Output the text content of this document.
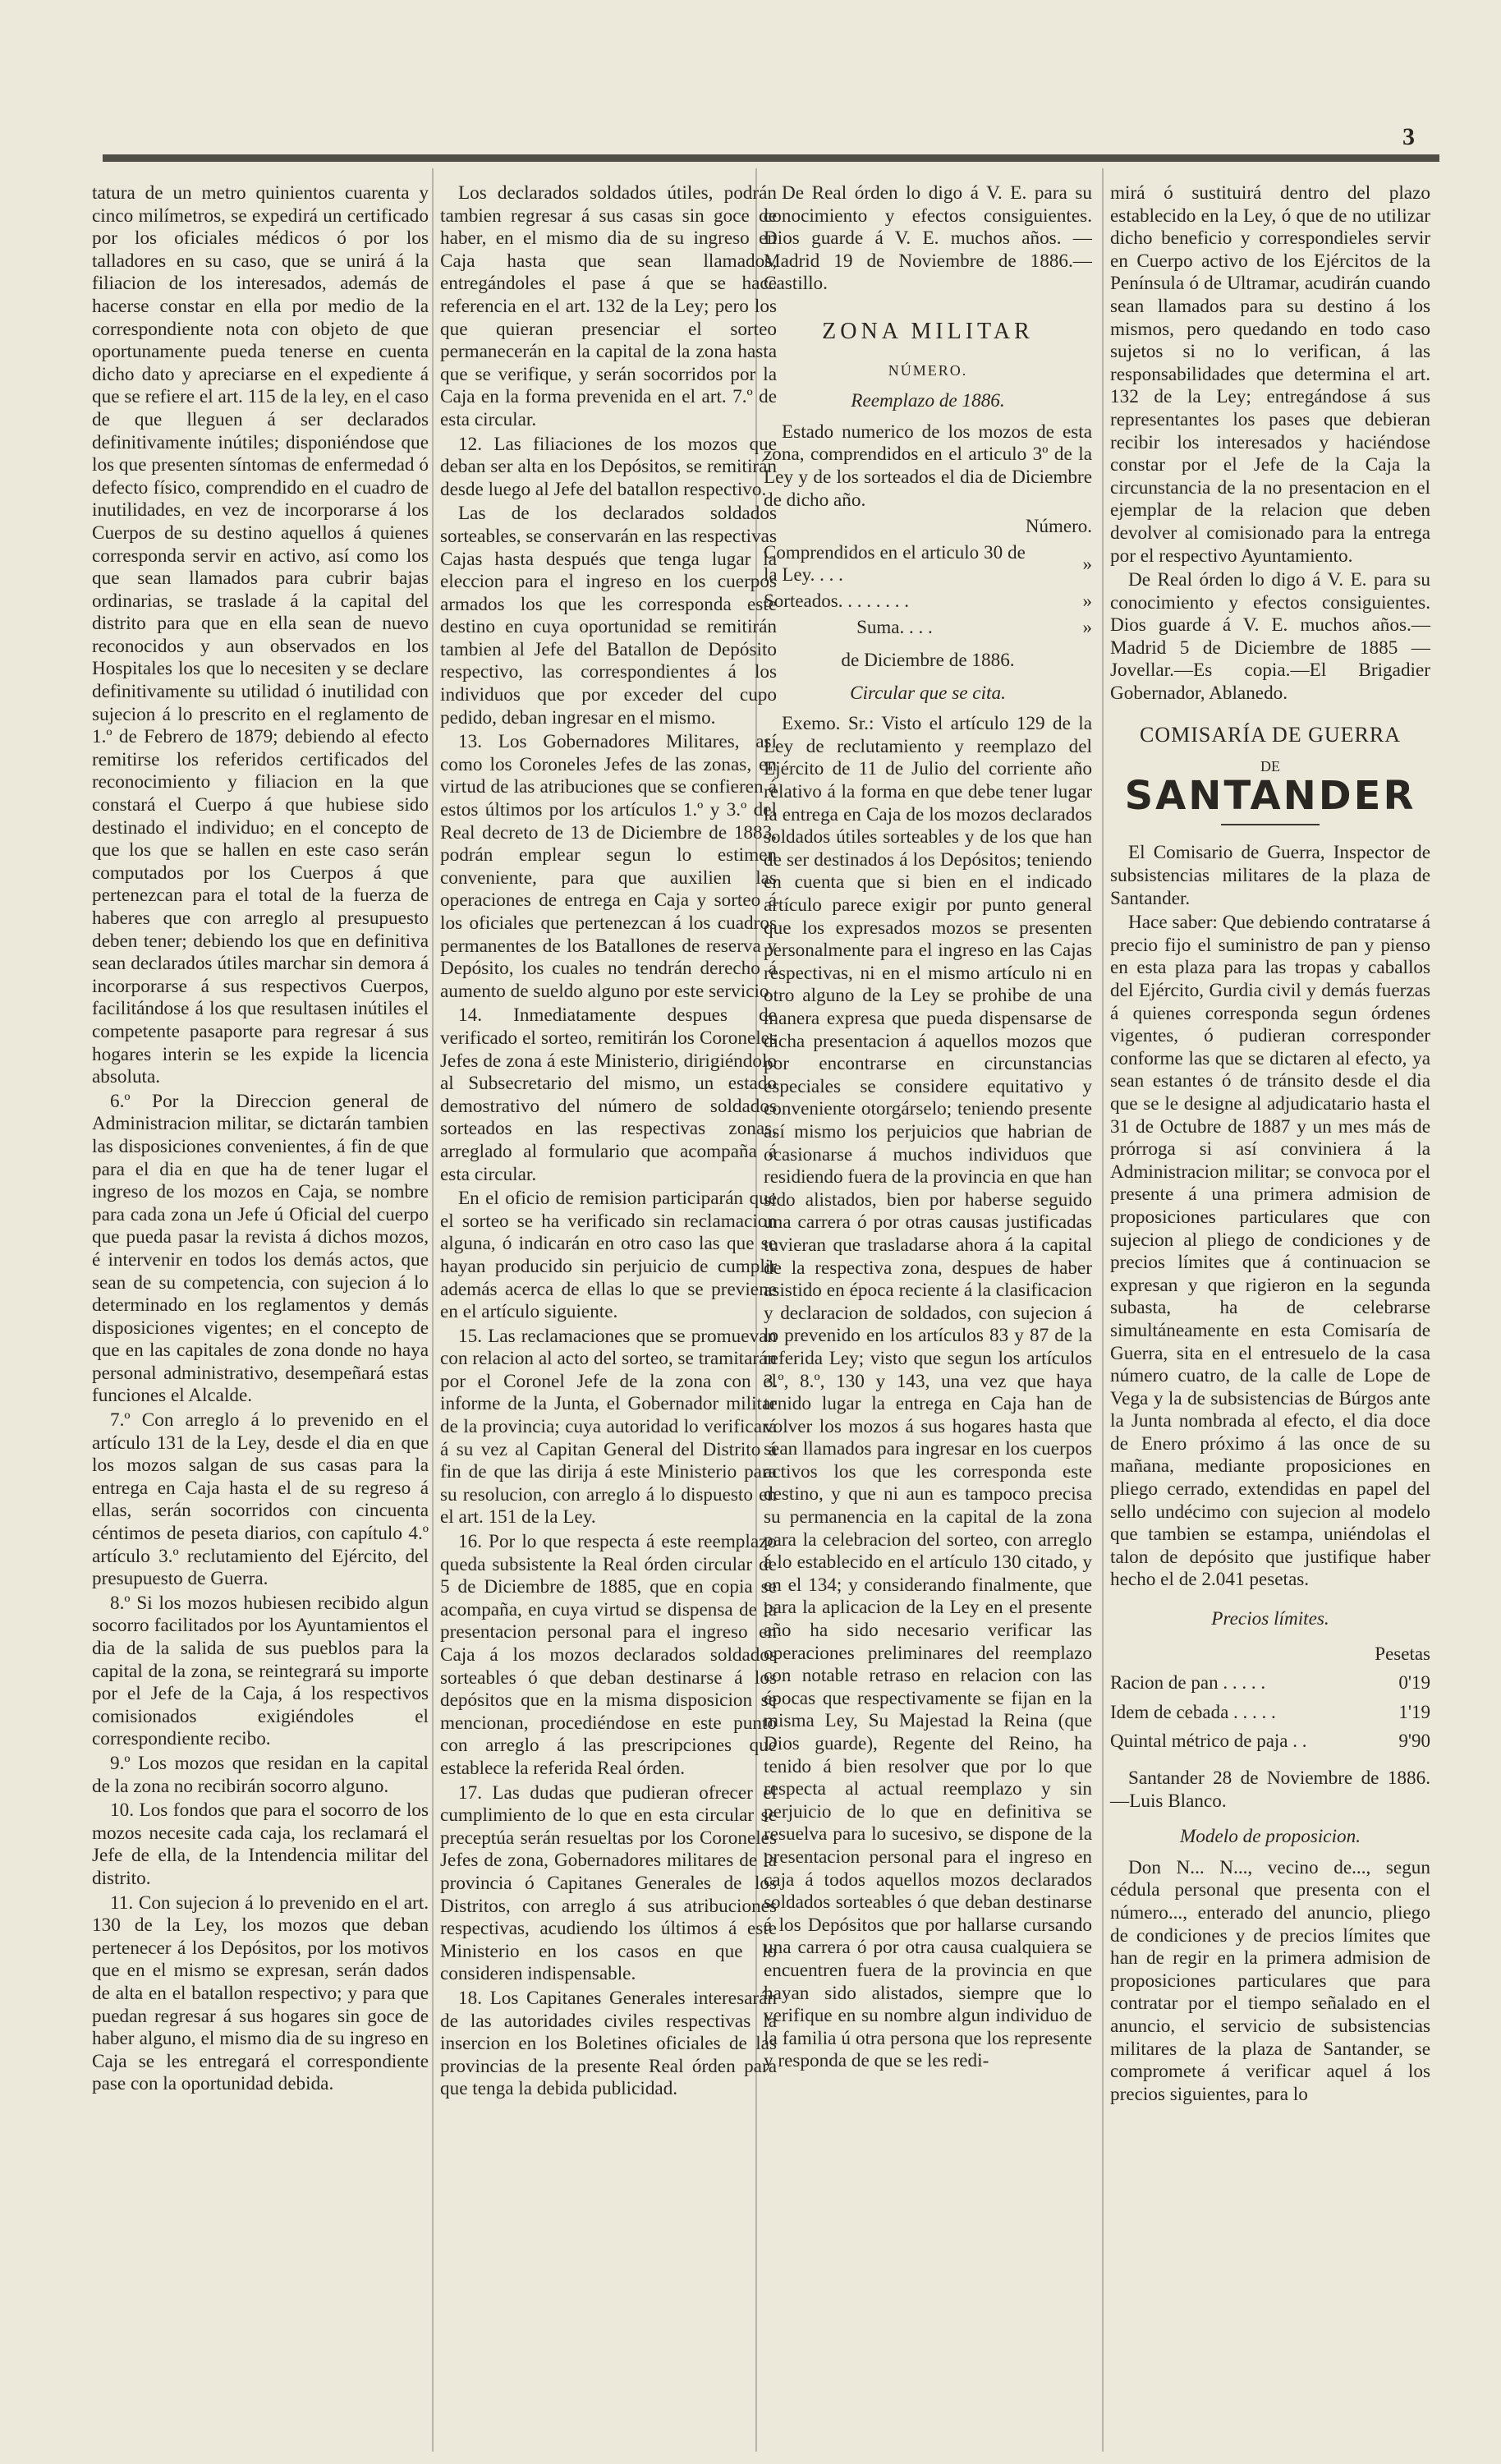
3

tatura de un metro quinientos cuarenta y cinco milímetros, se expedirá un certificado por los oficiales médicos ó por los talladores en su caso, que se unirá á la filiacion de los interesados, además de hacerse constar en ella por medio de la correspondiente nota con objeto de que oportunamente pueda tenerse en cuenta dicho dato y apreciarse en el expediente á que se refiere el art. 115 de la ley, en el caso de que lleguen á ser declarados definitivamente inútiles; disponiéndose que los que presenten síntomas de enfermedad ó defecto físico, comprendido en el cuadro de inutilidades, en vez de incorporarse á los Cuerpos de su destino aquellos á quienes corresponda servir en activo, así como los que sean llamados para cubrir bajas ordinarias, se traslade á la capital del distrito para que en ella sean de nuevo reconocidos y aun observados en los Hospitales los que lo necesiten y se declare definitivamente su utilidad ó inutilidad con sujecion á lo prescrito en el reglamento de 1.º de Febrero de 1879; debiendo al efecto remitirse los referidos certificados del reconocimiento y filiacion en la que constará el Cuerpo á que hubiese sido destinado el individuo; en el concepto de que los que se hallen en este caso serán computados por los Cuerpos á que pertenezcan para el total de la fuerza de haberes que con arreglo al presupuesto deben tener; debiendo los que en definitiva sean declarados útiles marchar sin demora á incorporarse á sus respectivos Cuerpos, facilitándose á los que resultasen inútiles el competente pasaporte para regresar á sus hogares interin se les expide la licencia absoluta.

6.º Por la Direccion general de Administracion militar, se dictarán tambien las disposiciones convenientes, á fin de que para el dia en que ha de tener lugar el ingreso de los mozos en Caja, se nombre para cada zona un Jefe ú Oficial del cuerpo que pueda pasar la revista á dichos mozos, é intervenir en todos los demás actos, que sean de su competencia, con sujecion á lo determinado en los reglamentos y demás disposiciones vigentes; en el concepto de que en las capitales de zona donde no haya personal administrativo, desempeñará estas funciones el Alcalde.

7.º Con arreglo á lo prevenido en el artículo 131 de la Ley, desde el dia en que los mozos salgan de sus casas para la entrega en Caja hasta el de su regreso á ellas, serán socorridos con cincuenta céntimos de peseta diarios, con capítulo 4.º artículo 3.º reclutamiento del Ejército, del presupuesto de Guerra.

8.º Si los mozos hubiesen recibido algun socorro facilitados por los Ayuntamientos el dia de la salida de sus pueblos para la capital de la zona, se reintegrará su importe por el Jefe de la Caja, á los respectivos comisionados exigiéndoles el correspondiente recibo.

9.º Los mozos que residan en la capital de la zona no recibirán socorro alguno.

10. Los fondos que para el socorro de los mozos necesite cada caja, los reclamará el Jefe de ella, de la Intendencia militar del distrito.

11. Con sujecion á lo prevenido en el art. 130 de la Ley, los mozos que deban pertenecer á los Depósitos, por los motivos que en el mismo se expresan, serán dados de alta en el batallon respectivo; y para que puedan regresar á sus hogares sin goce de haber alguno, el mismo dia de su ingreso en Caja se les entregará el correspondiente pase con la oportunidad debida.

Los declarados soldados útiles, podrán tambien regresar á sus casas sin goce de haber, en el mismo dia de su ingreso en Caja hasta que sean llamados, entregándoles el pase á que se hace referencia en el art. 132 de la Ley; pero los que quieran presenciar el sorteo permanecerán en la capital de la zona hasta que se verifique, y serán socorridos por la Caja en la forma prevenida en el art. 7.º de esta circular.

12. Las filiaciones de los mozos que deban ser alta en los Depósitos, se remitirán desde luego al Jefe del batallon respectivo.

Las de los declarados soldados sorteables, se conservarán en las respectivas Cajas hasta después que tenga lugar la eleccion para el ingreso en los cuerpos armados los que les corresponda este destino en cuya oportunidad se remitirán tambien al Jefe del Batallon de Depósito respectivo, las correspondientes á los individuos que por exceder del cupo pedido, deban ingresar en el mismo.

13. Los Gobernadores Militares, así como los Coroneles Jefes de las zonas, en virtud de las atribuciones que se confieren á estos últimos por los artículos 1.º y 3.º del Real decreto de 13 de Diciembre de 1883, podrán emplear segun lo estimen conveniente, para que auxilien las operaciones de entrega en Caja y sorteo á los oficiales que pertenezcan á los cuadros permanentes de los Batallones de reserva y Depósito, los cuales no tendrán derecho á aumento de sueldo alguno por este servicio.

14. Inmediatamente despues de verificado el sorteo, remitirán los Coroneles Jefes de zona á este Ministerio, dirigiéndolo al Subsecretario del mismo, un estado demostrativo del número de soldados sorteados en las respectivas zonas, arreglado al formulario que acompaña á esta circular.

En el oficio de remision participarán que el sorteo se ha verificado sin reclamacion alguna, ó indicarán en otro caso las que se hayan producido sin perjuicio de cumplir además acerca de ellas lo que se previene en el artículo siguiente.

15. Las reclamaciones que se promuevan con relacion al acto del sorteo, se tramitarán por el Coronel Jefe de la zona con el informe de la Junta, el Gobernador militar de la provincia; cuya autoridad lo verificará á su vez al Capitan General del Distrito á fin de que las dirija á este Ministerio para su resolucion, con arreglo á lo dispuesto en el art. 151 de la Ley.

16. Por lo que respecta á este reemplazo queda subsistente la Real órden circular de 5 de Diciembre de 1885, que en copia se acompaña, en cuya virtud se dispensa de la presentacion personal para el ingreso en Caja á los mozos declarados soldados sorteables ó que deban destinarse á los depósitos que en la misma disposicion se mencionan, procediéndose en este punto con arreglo á las prescripciones que establece la referida Real órden.

17. Las dudas que pudieran ofrecer el cumplimiento de lo que en esta circular se preceptúa serán resueltas por los Coroneles Jefes de zona, Gobernadores militares de la provincia ó Capitanes Generales de los Distritos, con arreglo á sus atribuciones respectivas, acudiendo los últimos á este Ministerio en los casos en que lo consideren indispensable.

18. Los Capitanes Generales interesarán de las autoridades civiles respectivas la insercion en los Boletines oficiales de las provincias de la presente Real órden para que tenga la debida publicidad.

De Real órden lo digo á V. E. para su conocimiento y efectos consiguientes. Dios guarde á V. E. muchos años. —Madrid 19 de Noviembre de 1886.—Castillo.

ZONA MILITAR
NÚMERO.
Reemplazo de 1886.

Estado numerico de los mozos de esta zona, comprendidos en el articulo 3º de la Ley y de los sorteados el dia de Diciembre de dicho año.

	Número.
Comprendidos en el articulo 30 de la Ley. . . .	»
Sorteados. . . . . . . .	»
Suma. . . .	»
de Diciembre de 1886.
Circular que se cita.

Exemo. Sr.: Visto el artículo 129 de la Ley de reclutamiento y reemplazo del Ejército de 11 de Julio del corriente año relativo á la forma en que debe tener lugar la entrega en Caja de los mozos declarados soldados útiles sorteables y de los que han de ser destinados á los Depósitos; teniendo en cuenta que si bien en el indicado artículo parece exigir por punto general que los expresados mozos se presenten personalmente para el ingreso en las Cajas respectivas, ni en el mismo artículo ni en otro alguno de la Ley se prohibe de una manera expresa que pueda dispensarse de dicha presentacion á aquellos mozos que por encontrarse en circunstancias especiales se considere equitativo y conveniente otorgárselo; teniendo presente así mismo los perjuicios que habrian de ocasionarse á muchos individuos que residiendo fuera de la provincia en que han sido alistados, bien por haberse seguido una carrera ó por otras causas justificadas tuvieran que trasladarse ahora á la capital de la respectiva zona, despues de haber asistido en época reciente á la clasificacion y declaracion de soldados, con sujecion á lo prevenido en los artículos 83 y 87 de la referida Ley; visto que segun los artículos 3.º, 8.º, 130 y 143, una vez que haya tenido lugar la entrega en Caja han de volver los mozos á sus hogares hasta que sean llamados para ingresar en los cuerpos activos los que les corresponda este destino, y que ni aun es tampoco precisa su permanencia en la capital de la zona para la celebracion del sorteo, con arreglo á lo establecido en el artículo 130 citado, y en el 134; y considerando finalmente, que para la aplicacion de la Ley en el presente año ha sido necesario verificar las operaciones preliminares del reemplazo con notable retraso en relacion con las épocas que respectivamente se fijan en la misma Ley, Su Majestad la Reina (que Dios guarde), Regente del Reino, ha tenido á bien resolver que por lo que respecta al actual reemplazo y sin perjuicio de lo que en definitiva se resuelva para lo sucesivo, se dispone de la presentacion personal para el ingreso en caja á todos aquellos mozos declarados soldados sorteables ó que deban destinarse á los Depósitos que por hallarse cursando una carrera ó por otra causa cualquiera se encuentren fuera de la provincia en que hayan sido alistados, siempre que lo verifique en su nombre algun individuo de la familia ú otra persona que los represente y responda de que se les redi-

mirá ó sustituirá dentro del plazo establecido en la Ley, ó que de no utilizar dicho beneficio y correspondieles servir en Cuerpo activo de los Ejércitos de la Península ó de Ultramar, acudirán cuando sean llamados para su destino á los mismos, pero quedando en todo caso sujetos si no lo verifican, á las responsabilidades que determina el art. 132 de la Ley; entregándose á sus representantes los pases que debieran recibir los interesados y haciéndose constar por el Jefe de la Caja la circunstancia de la no presentacion en el ejemplar de la relacion que deben devolver al comisionado para la entrega por el respectivo Ayuntamiento.

De Real órden lo digo á V. E. para su conocimiento y efectos consiguientes. Dios guarde á V. E. muchos años.—Madrid 5 de Diciembre de 1885 —Jovellar.—Es copia.—El Brigadier Gobernador, Ablanedo.

COMISARÍA DE GUERRA
DE
SANTANDER

El Comisario de Guerra, Inspector de subsistencias militares de la plaza de Santander.

Hace saber: Que debiendo contratarse á precio fijo el suministro de pan y pienso en esta plaza para las tropas y caballos del Ejército, Gurdia civil y demás fuerzas á quienes corresponda segun órdenes vigentes, ó pudieran corresponder conforme las que se dictaren al efecto, ya sean estantes ó de tránsito desde el dia que se le designe al adjudicatario hasta el 31 de Octubre de 1887 y un mes más de prórroga si así conviniera á la Administracion militar; se convoca por el presente á una primera admision de proposiciones particulares que con sujecion al pliego de condiciones y de precios límites que á continuacion se expresan y que rigieron en la segunda subasta, ha de celebrarse simultáneamente en esta Comisaría de Guerra, sita en el entresuelo de la casa número cuatro, de la calle de Lope de Vega y la de subsistencias de Búrgos ante la Junta nombrada al efecto, el dia doce de Enero próximo á las once de su mañana, mediante proposiciones en pliego cerrado, extendidas en papel del sello undécimo con sujecion al modelo que tambien se estampa, uniéndolas el talon de depósito que justifique haber hecho el de 2.041 pesetas.

Precios límites.
	Pesetas
Racion de pan . . . . .	0'19
Idem de cebada . . . . .	1'19
Quintal métrico de paja . .	9'90

Santander 28 de Noviembre de 1886. —Luis Blanco.

Modelo de proposicion.

Don N... N..., vecino de..., segun cédula personal que presenta con el número..., enterado del anuncio, pliego de condiciones y de precios límites que han de regir en la primera admision de proposiciones particulares que para contratar por el tiempo señalado en el anuncio, el servicio de subsistencias militares de la plaza de Santander, se compromete á verificar aquel á los precios siguientes, para lo
